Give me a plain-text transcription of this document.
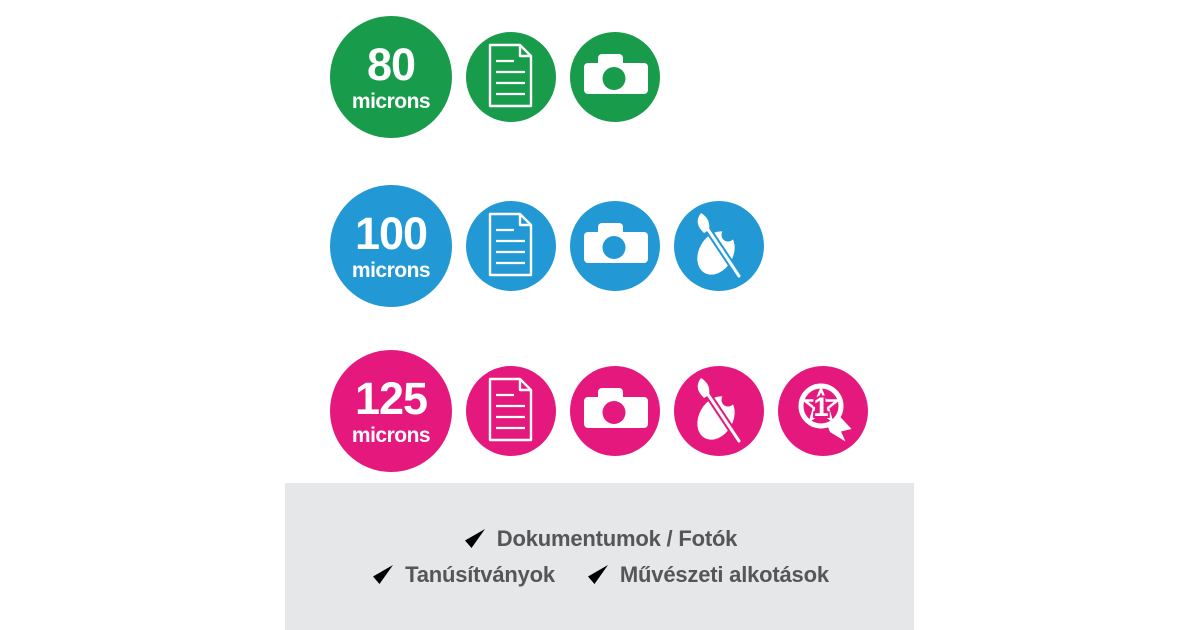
80
microns
100
microns
125
microns
Dokumentumok / Fotók
Tanúsítványok	Művészeti alkotások
